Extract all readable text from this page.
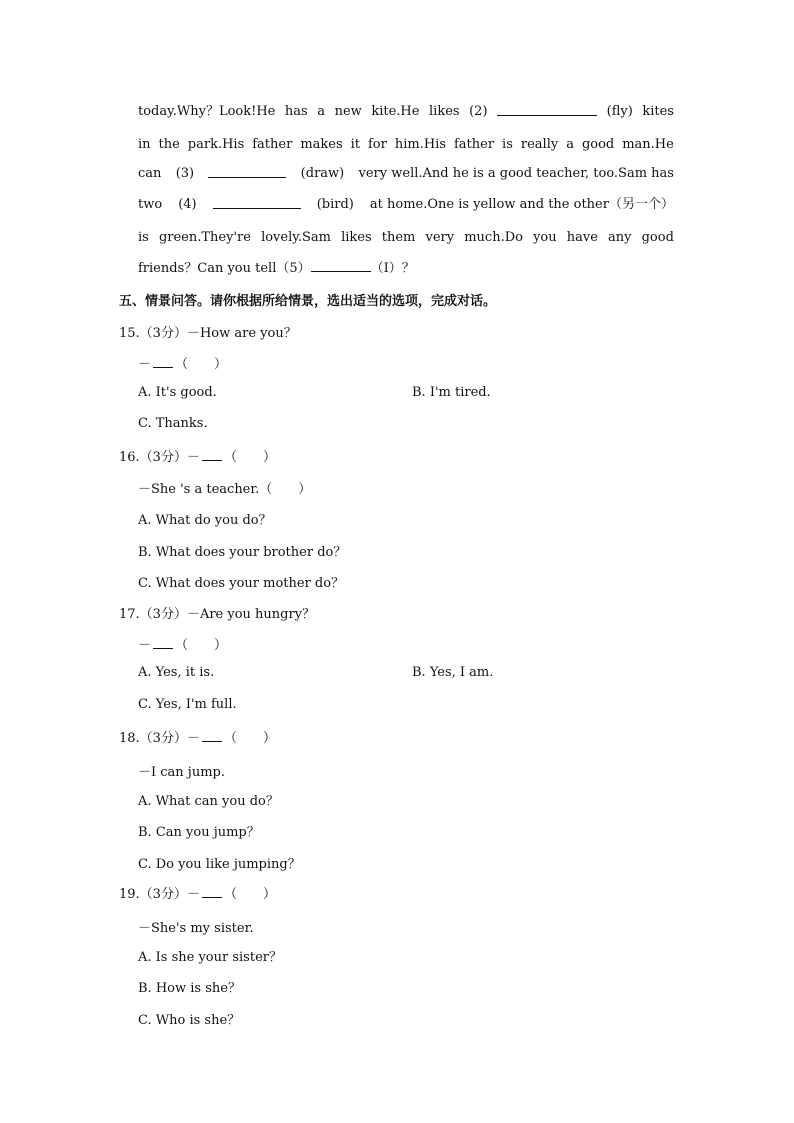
today.Why？Look!He has a new kite.He likes (2)	(fly) kites
in the park.His father makes it for him.His father is really a good man.He
can (3)	(draw) very well.And he is a good teacher, too.Sam has
two (4)	(bird) at home.One is yellow and the other（另一个）
is green.They're lovely.Sam likes them very much.Do you have any good
friends？Can you tell（5）	（I）？
五、情景问答。请你根据所给情景，选出适当的选项，完成对话。
15.（3分）－How are you？
－ （　　）
A. It's good.	B. I'm tired.
C. Thanks.
16.（3分）－ （　　）
－She 's a teacher.（　　）
A. What do you do？
B. What does your brother do？
C. What does your mother do？
17.（3分）－Are you hungry？
－ （　　）
A. Yes, it is.	B. Yes, I am.
C. Yes, I'm full.
18.（3分）－ （　　）
－I can jump.
A. What can you do？
B. Can you jump？
C. Do you like jumping？
19.（3分）－ （　　）
－She's my sister.
A. Is she your sister？
B. How is she？
C. Who is she？
